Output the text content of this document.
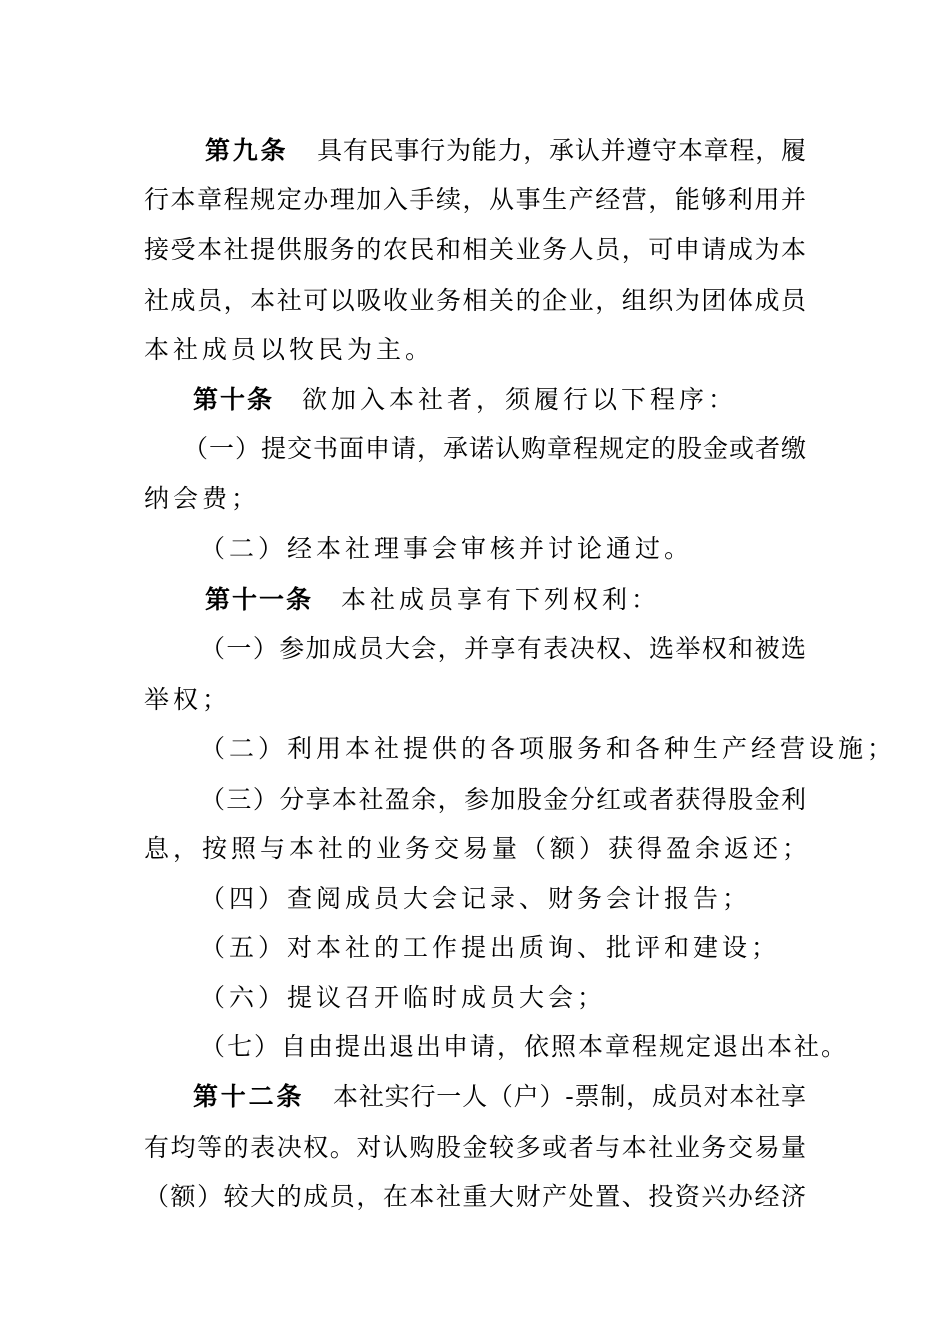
第九条 具有民事行为能力，承认并遵守本章程，履
行本章程规定办理加入手续，从事生产经营，能够利用并
接受本社提供服务的农民和相关业务人员，可申请成为本
社成员，本社可以吸收业务相关的企业，组织为团体成员
本社成员以牧民为主。
第十条 欲加入本社者，须履行以下程序：
（一）提交书面申请，承诺认购章程规定的股金或者缴
纳会费；
（二）经本社理事会审核并讨论通过。
第十一条 本社成员享有下列权利：
（一）参加成员大会，并享有表决权、选举权和被选
举权；
（二）利用本社提供的各项服务和各种生产经营设施；
（三）分享本社盈余，参加股金分红或者获得股金利
息，按照与本社的业务交易量（额）获得盈余返还；
（四）查阅成员大会记录、财务会计报告；
（五）对本社的工作提出质询、批评和建设；
（六）提议召开临时成员大会；
（七）自由提出退出申请，依照本章程规定退出本社。
第十二条 本社实行一人（户）-票制，成员对本社享
有均等的表决权。对认购股金较多或者与本社业务交易量
（额）较大的成员，在本社重大财产处置、投资兴办经济
